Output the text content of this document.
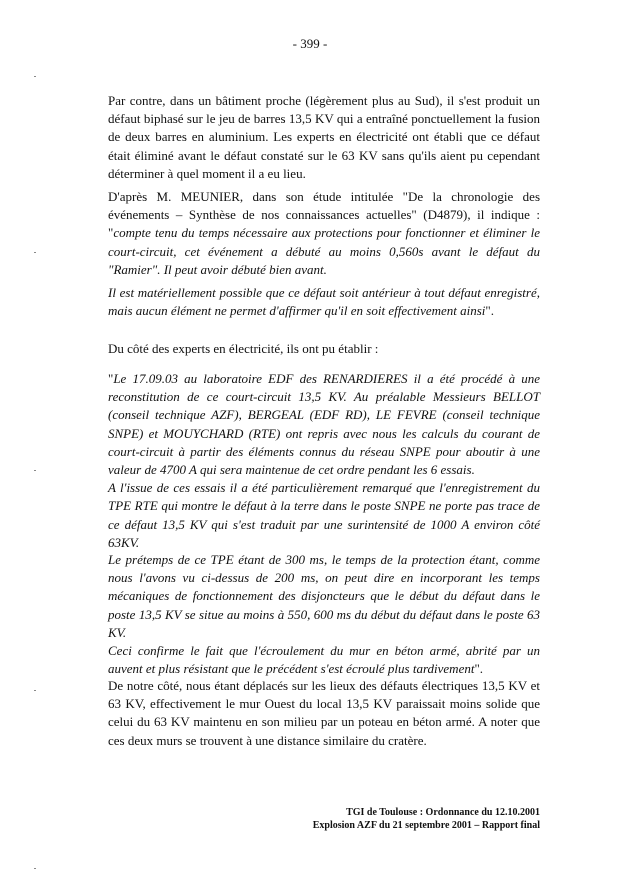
- 399 -

Par contre, dans un bâtiment proche (légèrement plus au Sud), il s'est produit un défaut biphasé sur le jeu de barres 13,5 KV qui a entraîné ponctuellement la fusion de deux barres en aluminium. Les experts en électricité ont établi que ce défaut était éliminé avant le défaut constaté sur le 63 KV sans qu'ils aient pu cependant déterminer à quel moment il a eu lieu.

D'après M. MEUNIER, dans son étude intitulée "De la chronologie des événements – Synthèse de nos connaissances actuelles" (D4879), il indique : "compte tenu du temps nécessaire aux protections pour fonctionner et éliminer le court-circuit, cet événement a débuté au moins 0,560s avant le défaut du "Ramier". Il peut avoir débuté bien avant.

Il est matériellement possible que ce défaut soit antérieur à tout défaut enregistré, mais aucun élément ne permet d'affirmer qu'il en soit effectivement ainsi".

Du côté des experts en électricité, ils ont pu établir :

"Le 17.09.03 au laboratoire EDF des RENARDIERES il a été procédé à une reconstitution de ce court-circuit 13,5 KV. Au préalable Messieurs BELLOT (conseil technique AZF), BERGEAL (EDF RD), LE FEVRE (conseil technique SNPE) et MOUYCHARD (RTE) ont repris avec nous les calculs du courant de court-circuit à partir des éléments connus du réseau SNPE pour aboutir à une valeur de 4700 A qui sera maintenue de cet ordre pendant les 6 essais.

A l'issue de ces essais il a été particulièrement remarqué que l'enregistrement du TPE RTE qui montre le défaut à la terre dans le poste SNPE ne porte pas trace de ce défaut 13,5 KV qui s'est traduit par une surintensité de 1000 A environ côté 63KV.

Le prétemps de ce TPE étant de 300 ms, le temps de la protection étant, comme nous l'avons vu ci-dessus de 200 ms, on peut dire en incorporant les temps mécaniques de fonctionnement des disjoncteurs que le début du défaut dans le poste 13,5 KV se situe au moins à 550, 600 ms du début du défaut dans le poste 63 KV.

Ceci confirme le fait que l'écroulement du mur en béton armé, abrité par un auvent et plus résistant que le précédent s'est écroulé plus tardivement".

De notre côté, nous étant déplacés sur les lieux des défauts électriques 13,5 KV et 63 KV, effectivement le mur Ouest du local 13,5 KV paraissait moins solide que celui du 63 KV maintenu en son milieu par un poteau en béton armé. A noter que ces deux murs se trouvent à une distance similaire du cratère.

TGI de Toulouse : Ordonnance du 12.10.2001
Explosion AZF du 21 septembre 2001 – Rapport final
